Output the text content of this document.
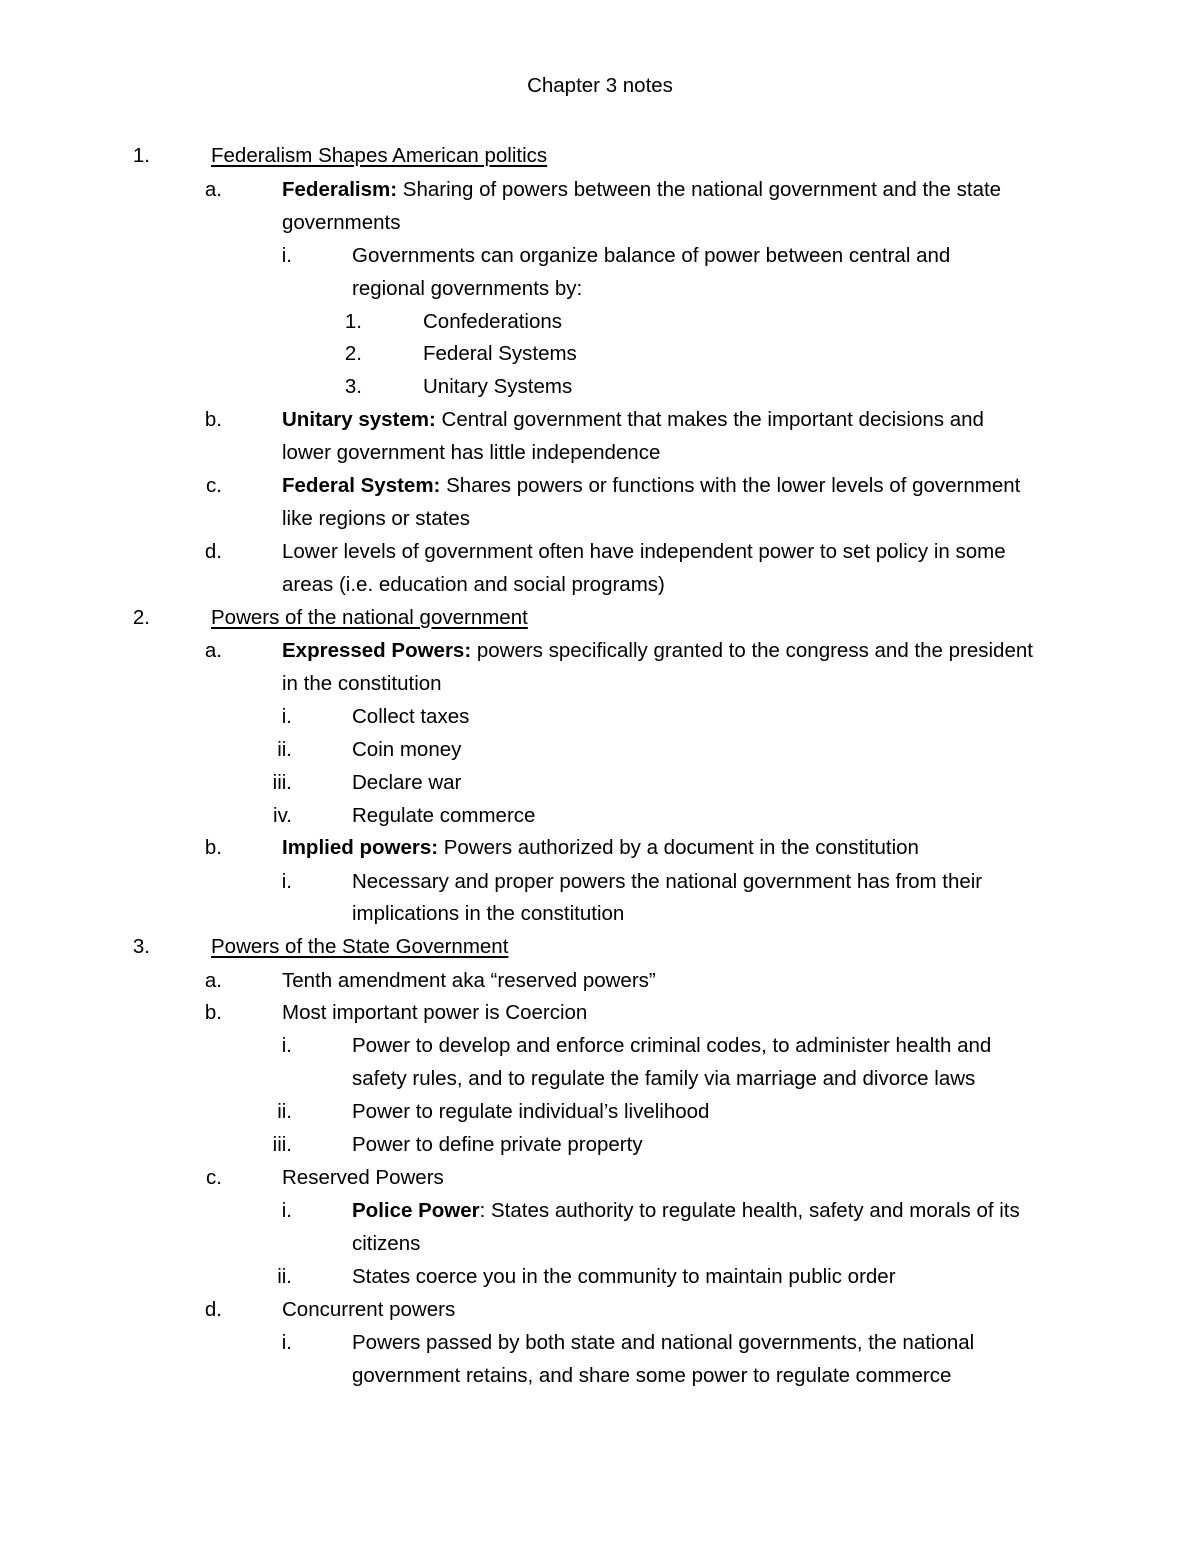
Chapter 3 notes
1.	Federalism Shapes American politics
a.	Federalism: Sharing of powers between the national government and the state
governments
i.	Governments can organize balance of power between central and
regional governments by:
1.	Confederations
2.	Federal Systems
3.	Unitary Systems
b.	Unitary system: Central government that makes the important decisions and
lower government has little independence
c.	Federal System: Shares powers or functions with the lower levels of government
like regions or states
d.	Lower levels of government often have independent power to set policy in some
areas (i.e. education and social programs)
2.	Powers of the national government
a.	Expressed Powers: powers specifically granted to the congress and the president
in the constitution
i.	Collect taxes
ii.	Coin money
iii.	Declare war
iv.	Regulate commerce
b.	Implied powers: Powers authorized by a document in the constitution
i.	Necessary and proper powers the national government has from their
implications in the constitution
3.	Powers of the State Government
a.	Tenth amendment aka “reserved powers”
b.	Most important power is Coercion
i.	Power to develop and enforce criminal codes, to administer health and
safety rules, and to regulate the family via marriage and divorce laws
ii.	Power to regulate individual’s livelihood
iii.	Power to define private property
c.	Reserved Powers
i.	Police Power: States authority to regulate health, safety and morals of its
citizens
ii.	States coerce you in the community to maintain public order
d.	Concurrent powers
i.	Powers passed by both state and national governments, the national
government retains, and share some power to regulate commerce
